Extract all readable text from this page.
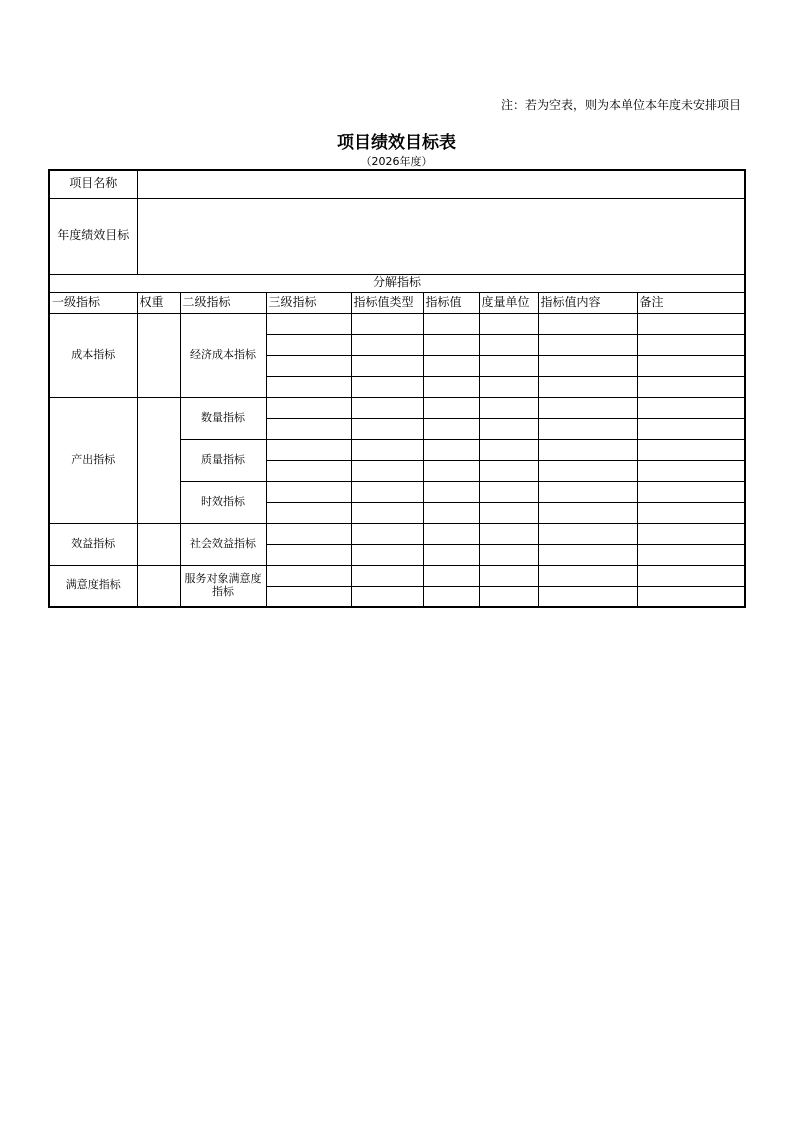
注：若为空表，则为本单位本年度未安排项目
项目绩效目标表
（2026年度）
项目名称								
年度绩效目标								
分解指标								
一级指标	权重	二级指标	三级指标	指标值类型	指标值	度量单位	指标值内容	备注
成本指标		经济成本指标						

产出指标		数量指标						

		质量指标						

		时效指标						

效益指标		社会效益指标						

满意度指标		服务对象满意度指标						
